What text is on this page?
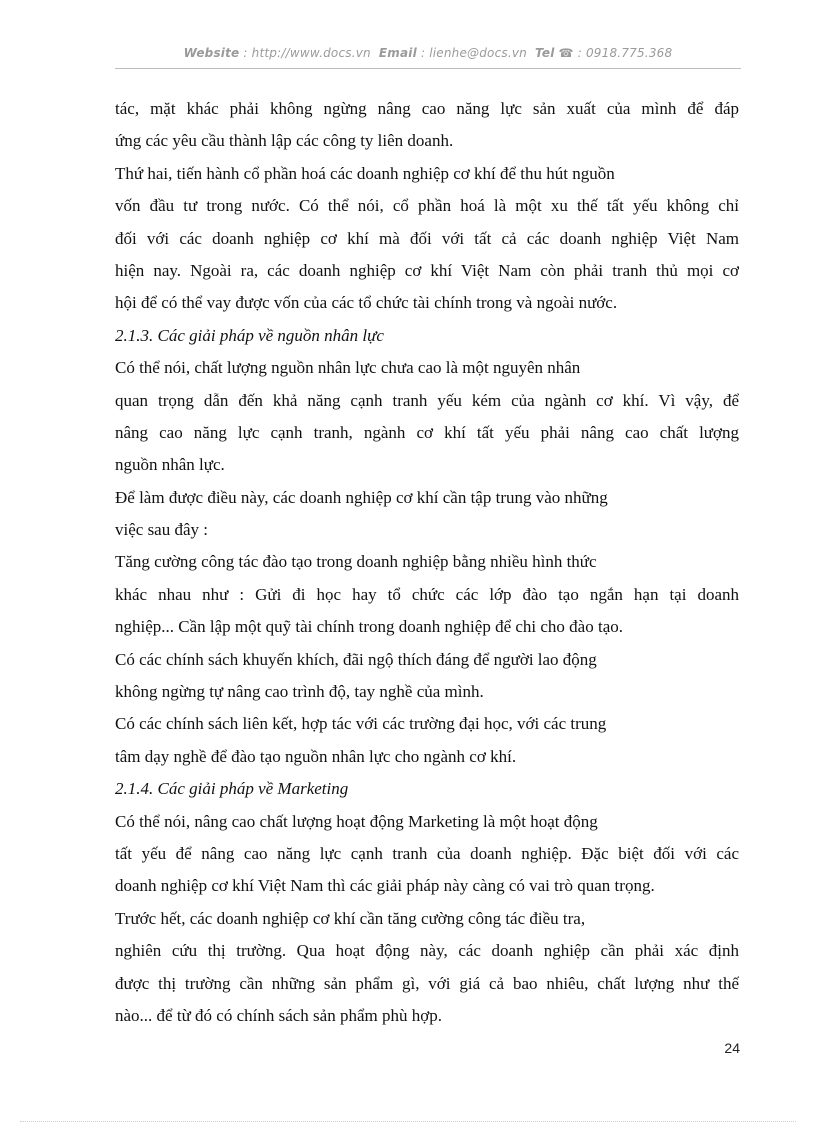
Website : http://www.docs.vn Email : lienhe@docs.vn Tel ☎ : 0918.775.368
tác, mặt khác phải không ngừng nâng cao năng lực sản xuất của mình để đáp
ứng các yêu cầu thành lập các công ty liên doanh.
Thứ hai, tiến hành cổ phần hoá các doanh nghiệp cơ khí để thu hút nguồn
vốn đầu tư trong nước. Có thể nói, cổ phần hoá là một xu thế tất yếu không chỉ
đối với các doanh nghiệp cơ khí mà đối với tất cả các doanh nghiệp Việt Nam
hiện nay. Ngoài ra, các doanh nghiệp cơ khí Việt Nam còn phải tranh thủ mọi cơ
hội để có thể vay được vốn của các tổ chức tài chính trong và ngoài nước.
2.1.3. Các giải pháp về nguồn nhân lực
Có thể nói, chất lượng nguồn nhân lực chưa cao là một nguyên nhân
quan trọng dẫn đến khả năng cạnh tranh yếu kém của ngành cơ khí. Vì vậy, để
nâng cao năng lực cạnh tranh, ngành cơ khí tất yếu phải nâng cao chất lượng
nguồn nhân lực.
Để làm được điều này, các doanh nghiệp cơ khí cần tập trung vào những
việc sau đây :
Tăng cường công tác đào tạo trong doanh nghiệp bằng nhiều hình thức
khác nhau như : Gửi đi học hay tổ chức các lớp đào tạo ngắn hạn tại doanh
nghiệp... Cần lập một quỹ tài chính trong doanh nghiệp để chi cho đào tạo.
Có các chính sách khuyến khích, đãi ngộ thích đáng để người lao động
không ngừng tự nâng cao trình độ, tay nghề của mình.
Có các chính sách liên kết, hợp tác với các trường đại học, với các trung
tâm dạy nghề để đào tạo nguồn nhân lực cho ngành cơ khí.
2.1.4. Các giải pháp về Marketing
Có thể nói, nâng cao chất lượng hoạt động Marketing là một hoạt động
tất yếu để nâng cao năng lực cạnh tranh của doanh nghiệp. Đặc biệt đối với các
doanh nghiệp cơ khí Việt Nam thì các giải pháp này càng có vai trò quan trọng.
Trước hết, các doanh nghiệp cơ khí cần tăng cường công tác điều tra,
nghiên cứu thị trường. Qua hoạt động này, các doanh nghiệp cần phải xác định
được thị trường cần những sản phẩm gì, với giá cả bao nhiêu, chất lượng như thế
nào... để từ đó có chính sách sản phẩm phù hợp.
24
